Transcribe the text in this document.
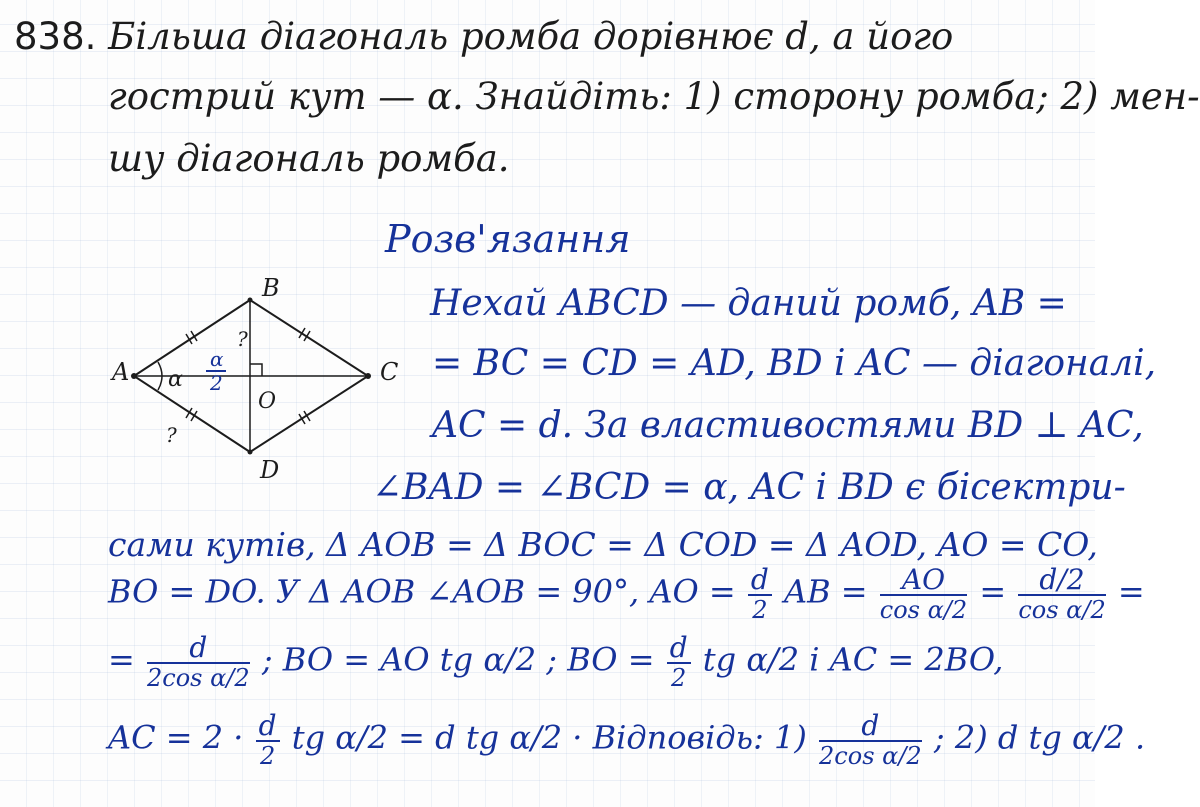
838. Більша діагональ ромба дорівнює d, а його
гострий кут — α. Знайдіть: 1) сторону ромба; 2) мен-
шу діагональ ромба.
Розв'язання
A
B
C
D
O
α
α
2
?
?
Нехай ABCD — даний ромб, AB =
= BC = CD = AD, BD і AC — діагоналі,
AC = d. За властивостями BD ⊥ AC,
∠BAD = ∠BCD = α, AC і BD є бісектри-
сами кутів, Δ AOB = Δ BOC = Δ COD = Δ AOD, AO = CO,
BO = DO. У Δ AOB ∠AOB = 90°, AO = $\frac{d}{2}$ AB = $\frac{AO}{\text{cos α/2}} = \frac{d/2}{\text{cos α/2}}$ =
= $\frac{d}{\text{2cos α/2}}$ ; BO = AO tg α/2 ; BO = $\frac{d}{2}$ tg α/2 і AC = 2BO,
AC = $2 \cdot \frac{d}{2}$ tg α/2 = d tg α/2 · Відповідь: $1) \frac{d}{\text{2cos α/2}}$ ; 2) d tg α/2 .
